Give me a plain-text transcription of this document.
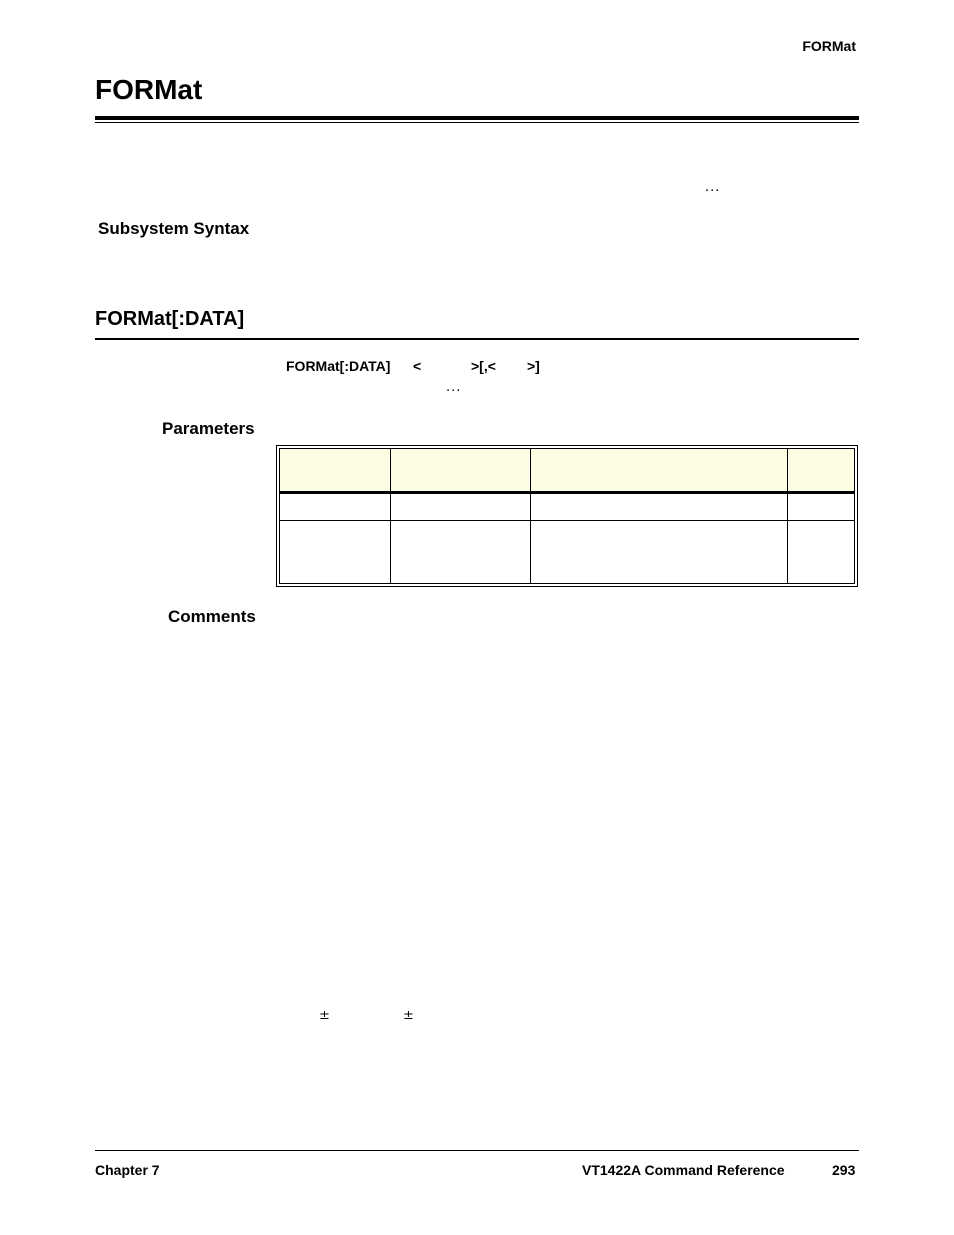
FORMat
FORMat
...
Subsystem Syntax
FORMat[:DATA]
FORMat[:DATA] <	>[,< >]
...
Parameters

Comments
±	±
Chapter 7	VT1422A Command Reference	293
